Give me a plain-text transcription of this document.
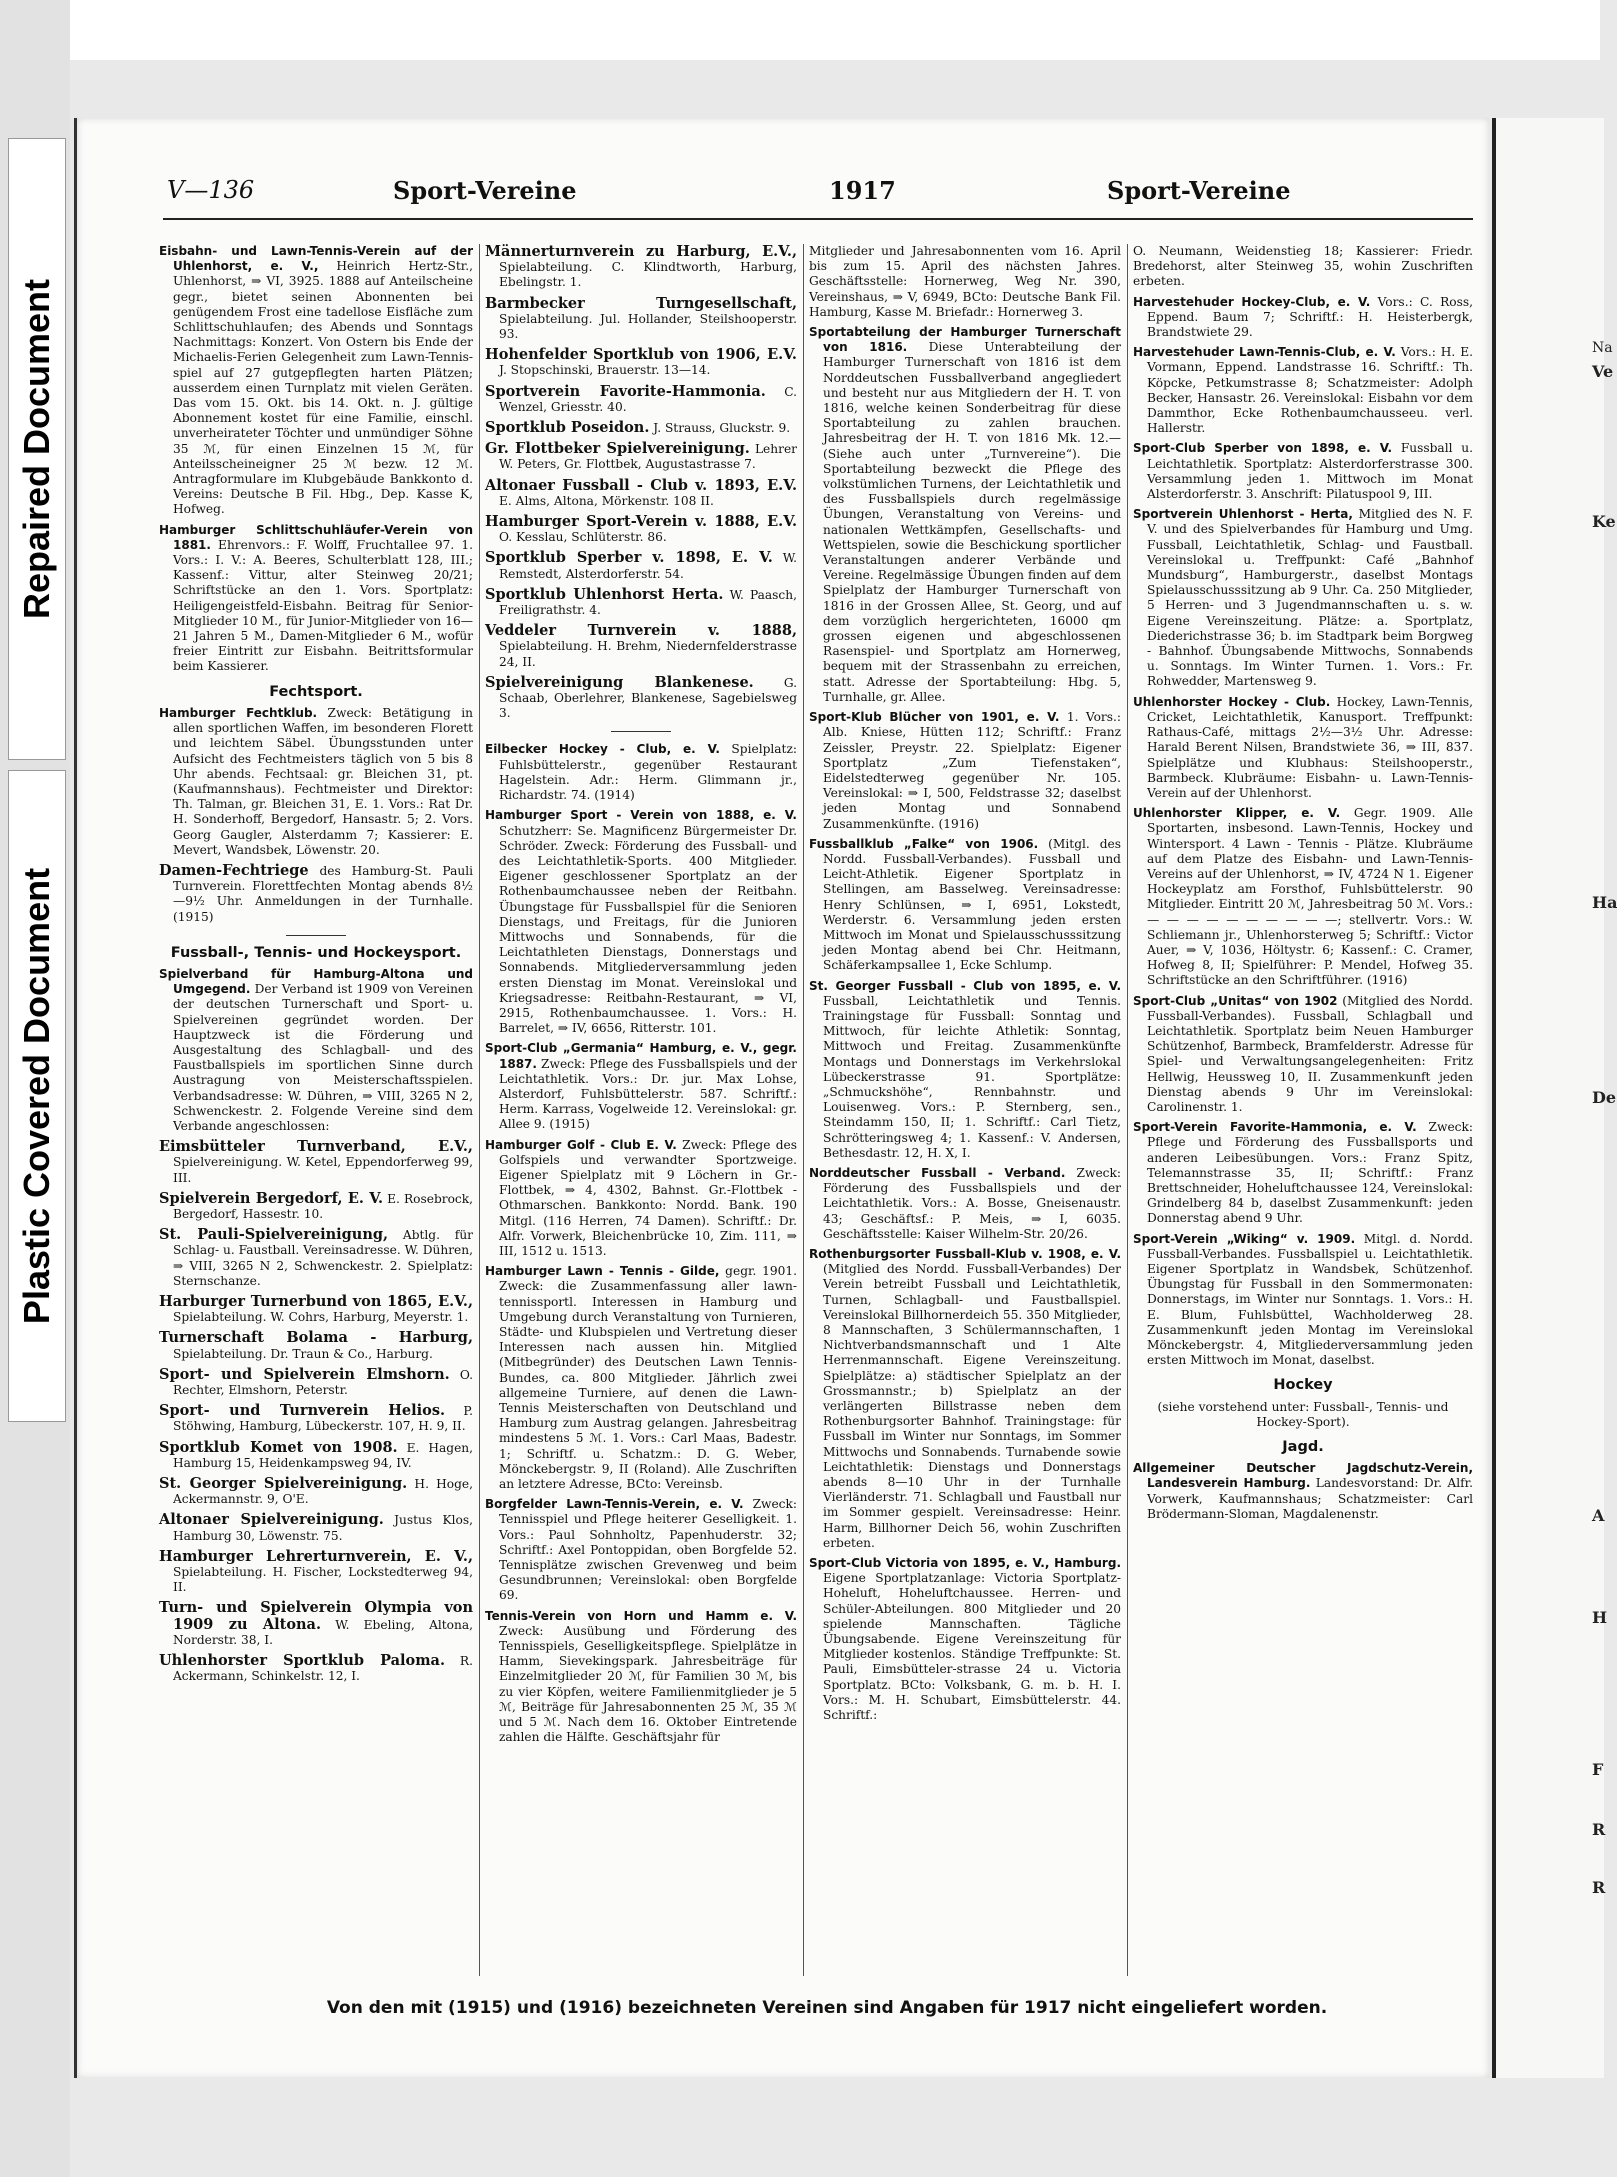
Repaired Document
Plastic Covered Document
Na
Ve
Ke
Ha
De
A
H
F
R
R
V—136	Sport-Vereine	1917	Sport-Vereine
Eisbahn- und Lawn-Tennis-Verein auf der Uhlenhorst, e. V., Heinrich Hertz-Str., Uhlenhorst, ⇒ VI, 3925. 1888 auf Anteilscheine gegr., bietet seinen Abonnenten bei genügendem Frost eine tadellose Eisfläche zum Schlittschuhlaufen; des Abends und Sonntags Nachmittags: Konzert. Von Ostern bis Ende der Michaelis-Ferien Gelegenheit zum Lawn-Tennis-spiel auf 27 gutgepflegten harten Plätzen; ausserdem einen Turnplatz mit vielen Geräten. Das vom 15. Okt. bis 14. Okt. n. J. gültige Abonnement kostet für eine Familie, einschl. unverheirateter Töchter und unmündiger Söhne 35 ℳ, für einen Einzelnen 15 ℳ, für Anteilsscheineigner 25 ℳ bezw. 12 ℳ. Antragformulare im Klubgebäude Bankkonto d. Vereins: Deutsche B Fil. Hbg., Dep. Kasse K, Hofweg.
Hamburger Schlittschuhläufer-Verein von 1881. Ehrenvors.: F. Wolff, Fruchtallee 97. 1. Vors.: I. V.: A. Beeres, Schulterblatt 128, III.; Kassenf.: Vittur, alter Steinweg 20/21; Schriftstücke an den 1. Vors. Sportplatz: Heiligengeistfeld-Eisbahn. Beitrag für Senior-Mitglieder 10 M., für Junior-Mitglieder von 16—21 Jahren 5 M., Damen-Mitglieder 6 M., wofür freier Eintritt zur Eisbahn. Beitrittsformular beim Kassierer.
Fechtsport.
Hamburger Fechtklub. Zweck: Betätigung in allen sportlichen Waffen, im besonderen Florett und leichtem Säbel. Übungsstunden unter Aufsicht des Fechtmeisters täglich von 5 bis 8 Uhr abends. Fechtsaal: gr. Bleichen 31, pt. (Kaufmannshaus). Fechtmeister und Direktor: Th. Talman, gr. Bleichen 31, E. 1. Vors.: Rat Dr. H. Sonderhoff, Bergedorf, Hansastr. 5; 2. Vors. Georg Gaugler, Alsterdamm 7; Kassierer: E. Mevert, Wandsbek, Löwenstr. 20.
Damen-Fechtriege des Hamburg-St. Pauli Turnverein. Florettfechten Montag abends 8½—9½ Uhr. Anmeldungen in der Turnhalle. (1915)
Fussball-, Tennis- und Hockeysport.
Spielverband für Hamburg-Altona und Umgegend. Der Verband ist 1909 von Vereinen der deutschen Turnerschaft und Sport- u. Spielvereinen gegründet worden. Der Hauptzweck ist die Förderung und Ausgestaltung des Schlagball- und des Faustballspiels im sportlichen Sinne durch Austragung von Meisterschaftsspielen. Verbandsadresse: W. Dühren, ⇒ VIII, 3265 N 2, Schwenckestr. 2. Folgende Vereine sind dem Verbande angeschlossen:
Eimsbütteler Turnverband, E.V., Spielvereinigung. W. Ketel, Eppendorferweg 99, III.
Spielverein Bergedorf, E. V. E. Rosebrock, Bergedorf, Hassestr. 10.
St. Pauli-Spielvereinigung, Abtlg. für Schlag- u. Faustball. Vereinsadresse. W. Dühren, ⇒ VIII, 3265 N 2, Schwenckestr. 2. Spielplatz: Sternschanze.
Harburger Turnerbund von 1865, E.V., Spielabteilung. W. Cohrs, Harburg, Meyerstr. 1.
Turnerschaft Bolama - Harburg, Spielabteilung. Dr. Traun & Co., Harburg.
Sport- und Spielverein Elmshorn. O. Rechter, Elmshorn, Peterstr.
Sport- und Turnverein Helios. P. Stöhwing, Hamburg, Lübeckerstr. 107, H. 9, II.
Sportklub Komet von 1908. E. Hagen, Hamburg 15, Heidenkampsweg 94, IV.
St. Georger Spielvereinigung. H. Hoge, Ackermannstr. 9, O'E.
Altonaer Spielvereinigung. Justus Klos, Hamburg 30, Löwenstr. 75.
Hamburger Lehrerturnverein, E. V., Spielabteilung. H. Fischer, Lockstedterweg 94, II.
Turn- und Spielverein Olympia von 1909 zu Altona. W. Ebeling, Altona, Norderstr. 38, I.
Uhlenhorster Sportklub Paloma. R. Ackermann, Schinkelstr. 12, I.
Männerturnverein zu Harburg, E.V., Spielabteilung. C. Klindtworth, Harburg, Ebelingstr. 1.
Barmbecker Turngesellschaft, Spielabteilung. Jul. Hollander, Steilshooperstr. 93.
Hohenfelder Sportklub von 1906, E.V. J. Stopschinski, Brauerstr. 13—14.
Sportverein Favorite-Hammonia. C. Wenzel, Griesstr. 40.
Sportklub Poseidon. J. Strauss, Gluckstr. 9.
Gr. Flottbeker Spielvereinigung. Lehrer W. Peters, Gr. Flottbek, Augustastrasse 7.
Altonaer Fussball - Club v. 1893, E.V. E. Alms, Altona, Mörkenstr. 108 II.
Hamburger Sport-Verein v. 1888, E.V. O. Kesslau, Schlüterstr. 86.
Sportklub Sperber v. 1898, E. V. W. Remstedt, Alsterdorferstr. 54.
Sportklub Uhlenhorst Herta. W. Paasch, Freiligrathstr. 4.
Veddeler Turnverein v. 1888, Spielabteilung. H. Brehm, Niedernfelderstrasse 24, II.
Spielvereinigung Blankenese. G. Schaab, Oberlehrer, Blankenese, Sagebielsweg 3.
Eilbecker Hockey - Club, e. V. Spielplatz: Fuhlsbüttelerstr., gegenüber Restaurant Hagelstein. Adr.: Herm. Glimmann jr., Richardstr. 74. (1914)
Hamburger Sport - Verein von 1888, e. V. Schutzherr: Se. Magnificenz Bürgermeister Dr. Schröder. Zweck: Förderung des Fussball- und des Leichtathletik-Sports. 400 Mitglieder. Eigener geschlossener Sportplatz an der Rothenbaumchaussee neben der Reitbahn. Übungstage für Fussballspiel für die Senioren Dienstags, und Freitags, für die Junioren Mittwochs und Sonnabends, für die Leichtathleten Dienstags, Donnerstags und Sonnabends. Mitgliederversammlung jeden ersten Dienstag im Monat. Vereinslokal und Kriegsadresse: Reitbahn-Restaurant, ⇒ VI, 2915, Rothenbaumchaussee. 1. Vors.: H. Barrelet, ⇒ IV, 6656, Ritterstr. 101.
Sport-Club „Germania“ Hamburg, e. V., gegr. 1887. Zweck: Pflege des Fussballspiels und der Leichtathletik. Vors.: Dr. jur. Max Lohse, Alsterdorf, Fuhlsbüttelerstr. 587. Schriftf.: Herm. Karrass, Vogelweide 12. Vereinslokal: gr. Allee 9. (1915)
Hamburger Golf - Club E. V. Zweck: Pflege des Golfspiels und verwandter Sportzweige. Eigener Spielplatz mit 9 Löchern in Gr.-Flottbek, ⇒ 4, 4302, Bahnst. Gr.-Flottbek - Othmarschen. Bankkonto: Nordd. Bank. 190 Mitgl. (116 Herren, 74 Damen). Schriftf.: Dr. Alfr. Vorwerk, Bleichenbrücke 10, Zim. 111, ⇒ III, 1512 u. 1513.
Hamburger Lawn - Tennis - Gilde, gegr. 1901. Zweck: die Zusammenfassung aller lawn-tennissportl. Interessen in Hamburg und Umgebung durch Veranstaltung von Turnieren, Städte- und Klubspielen und Vertretung dieser Interessen nach aussen hin. Mitglied (Mitbegründer) des Deutschen Lawn Tennis-Bundes, ca. 800 Mitglieder. Jährlich zwei allgemeine Turniere, auf denen die Lawn-Tennis Meisterschaften von Deutschland und Hamburg zum Austrag gelangen. Jahresbeitrag mindestens 5 ℳ. 1. Vors.: Carl Maas, Badestr. 1; Schriftf. u. Schatzm.: D. G. Weber, Mönckebergstr. 9, II (Roland). Alle Zuschriften an letztere Adresse, BCto: Vereinsb.
Borgfelder Lawn-Tennis-Verein, e. V. Zweck: Tennisspiel und Pflege heiterer Geselligkeit. 1. Vors.: Paul Sohnholtz, Papenhuderstr. 32; Schriftf.: Axel Pontoppidan, oben Borgfelde 52. Tennisplätze zwischen Grevenweg und beim Gesundbrunnen; Vereinslokal: oben Borgfelde 69.
Tennis-Verein von Horn und Hamm e. V. Zweck: Ausübung und Förderung des Tennisspiels, Geselligkeitspflege. Spielplätze in Hamm, Sievekingspark. Jahresbeiträge für Einzelmitglieder 20 ℳ, für Familien 30 ℳ, bis zu vier Köpfen, weitere Familienmitglieder je 5 ℳ, Beiträge für Jahresabonnenten 25 ℳ, 35 ℳ und 5 ℳ. Nach dem 16. Oktober Eintretende zahlen die Hälfte. Geschäftsjahr für
Mitglieder und Jahresabonnenten vom 16. April bis zum 15. April des nächsten Jahres. Geschäftsstelle: Hornerweg, Weg Nr. 390, Vereinshaus, ⇒ V, 6949, BCto: Deutsche Bank Fil. Hamburg, Kasse M. Briefadr.: Hornerweg 3.
Sportabteilung der Hamburger Turnerschaft von 1816. Diese Unterabteilung der Hamburger Turnerschaft von 1816 ist dem Norddeutschen Fussballverband angegliedert und besteht nur aus Mitgliedern der H. T. von 1816, welche keinen Sonderbeitrag für diese Sportabteilung zu zahlen brauchen. Jahresbeitrag der H. T. von 1816 Mk. 12.— (Siehe auch unter „Turnvereine“). Die Sportabteilung bezweckt die Pflege des volkstümlichen Turnens, der Leichtathletik und des Fussballspiels durch regelmässige Übungen, Veranstaltung von Vereins- und nationalen Wettkämpfen, Gesellschafts- und Wettspielen, sowie die Beschickung sportlicher Veranstaltungen anderer Verbände und Vereine. Regelmässige Übungen finden auf dem Spielplatz der Hamburger Turnerschaft von 1816 in der Grossen Allee, St. Georg, und auf dem vorzüglich hergerichteten, 16000 qm grossen eigenen und abgeschlossenen Rasenspiel- und Sportplatz am Hornerweg, bequem mit der Strassenbahn zu erreichen, statt. Adresse der Sportabteilung: Hbg. 5, Turnhalle, gr. Allee.
Sport-Klub Blücher von 1901, e. V. 1. Vors.: Alb. Kniese, Hütten 112; Schriftf.: Franz Zeissler, Preystr. 22. Spielplatz: Eigener Sportplatz „Zum Tiefenstaken“, Eidelstedterweg gegenüber Nr. 105. Vereinslokal: ⇒ I, 500, Feldstrasse 32; daselbst jeden Montag und Sonnabend Zusammenkünfte. (1916)
Fussballklub „Falke“ von 1906. (Mitgl. des Nordd. Fussball-Verbandes). Fussball und Leicht-Athletik. Eigener Sportplatz in Stellingen, am Basselweg. Vereinsadresse: Henry Schlünsen, ⇒ I, 6951, Lokstedt, Werderstr. 6. Versammlung jeden ersten Mittwoch im Monat und Spielausschusssitzung jeden Montag abend bei Chr. Heitmann, Schäferkampsallee 1, Ecke Schlump.
St. Georger Fussball - Club von 1895, e. V. Fussball, Leichtathletik und Tennis. Trainingstage für Fussball: Sonntag und Mittwoch, für leichte Athletik: Sonntag, Mittwoch und Freitag. Zusammenkünfte Montags und Donnerstags im Verkehrslokal Lübeckerstrasse 91. Sportplätze: „Schmuckshöhe“, Rennbahnstr. und Louisenweg. Vors.: P. Sternberg, sen., Steindamm 150, II; 1. Schriftf.: Carl Tietz, Schrötteringsweg 4; 1. Kassenf.: V. Andersen, Bethesdastr. 12, H. X, I.
Norddeutscher Fussball - Verband. Zweck: Förderung des Fussballspiels und der Leichtathletik. Vors.: A. Bosse, Gneisenaustr. 43; Geschäftsf.: P. Meis, ⇒ I, 6035. Geschäftsstelle: Kaiser Wilhelm-Str. 20/26.
Rothenburgsorter Fussball-Klub v. 1908, e. V. (Mitglied des Nordd. Fussball-Verbandes) Der Verein betreibt Fussball und Leichtathletik, Turnen, Schlagball- und Faustballspiel. Vereinslokal Billhornerdeich 55. 350 Mitglieder, 8 Mannschaften, 3 Schülermannschaften, 1 Nichtverbandsmannschaft und 1 Alte Herrenmannschaft. Eigene Vereinszeitung. Spielplätze: a) städtischer Spielplatz an der Grossmannstr.; b) Spielplatz an der verlängerten Billstrasse neben dem Rothenburgsorter Bahnhof. Trainingstage: für Fussball im Winter nur Sonntags, im Sommer Mittwochs und Sonnabends. Turnabende sowie Leichtathletik: Dienstags und Donnerstags abends 8—10 Uhr in der Turnhalle Vierländerstr. 71. Schlagball und Faustball nur im Sommer gespielt. Vereinsadresse: Heinr. Harm, Billhorner Deich 56, wohin Zuschriften erbeten.
Sport-Club Victoria von 1895, e. V., Hamburg. Eigene Sportplatzanlage: Victoria Sportplatz-Hoheluft, Hoheluftchaussee. Herren- und Schüler-Abteilungen. 800 Mitglieder und 20 spielende Mannschaften. Tägliche Übungsabende. Eigene Vereinszeitung für Mitglieder kostenlos. Ständige Treffpunkte: St. Pauli, Eimsbütteler-strasse 24 u. Victoria Sportplatz. BCto: Volksbank, G. m. b. H. I. Vors.: M. H. Schubart, Eimsbüttelerstr. 44. Schriftf.:
O. Neumann, Weidenstieg 18; Kassierer: Friedr. Bredehorst, alter Steinweg 35, wohin Zuschriften erbeten.
Harvestehuder Hockey-Club, e. V. Vors.: C. Ross, Eppend. Baum 7; Schriftf.: H. Heisterbergk, Brandstwiete 29.
Harvestehuder Lawn-Tennis-Club, e. V. Vors.: H. E. Vormann, Eppend. Landstrasse 16. Schriftf.: Th. Köpcke, Petkumstrasse 8; Schatzmeister: Adolph Becker, Hansastr. 26. Vereinslokal: Eisbahn vor dem Dammthor, Ecke Rothenbaumchausseeu. verl. Hallerstr.
Sport-Club Sperber von 1898, e. V. Fussball u. Leichtathletik. Sportplatz: Alsterdorferstrasse 300. Versammlung jeden 1. Mittwoch im Monat Alsterdorferstr. 3. Anschrift: Pilatuspool 9, III.
Sportverein Uhlenhorst - Herta, Mitglied des N. F. V. und des Spielverbandes für Hamburg und Umg. Fussball, Leichtathletik, Schlag- und Faustball. Vereinslokal u. Treffpunkt: Café „Bahnhof Mundsburg“, Hamburgerstr., daselbst Montags Spielausschusssitzung ab 9 Uhr. Ca. 250 Mitglieder, 5 Herren- und 3 Jugendmannschaften u. s. w. Eigene Vereinszeitung. Plätze: a. Sportplatz, Diederichstrasse 36; b. im Stadtpark beim Borgweg - Bahnhof. Übungsabende Mittwochs, Sonnabends u. Sonntags. Im Winter Turnen. 1. Vors.: Fr. Rohwedder, Martensweg 9.
Uhlenhorster Hockey - Club. Hockey, Lawn-Tennis, Cricket, Leichtathletik, Kanusport. Treffpunkt: Rathaus-Café, mittags 2½—3½ Uhr. Adresse: Harald Berent Nilsen, Brandstwiete 36, ⇒ III, 837. Spielplätze und Klubhaus: Steilshooperstr., Barmbeck. Klubräume: Eisbahn- u. Lawn-Tennis-Verein auf der Uhlenhorst.
Uhlenhorster Klipper, e. V. Gegr. 1909. Alle Sportarten, insbesond. Lawn-Tennis, Hockey und Wintersport. 4 Lawn - Tennis - Plätze. Klubräume auf dem Platze des Eisbahn- und Lawn-Tennis-Vereins auf der Uhlenhorst, ⇒ IV, 4724 N 1. Eigener Hockeyplatz am Forsthof, Fuhlsbüttelerstr. 90 Mitglieder. Eintritt 20 ℳ, Jahresbeitrag 50 ℳ. Vors.: — — — — — — — — — —; stellvertr. Vors.: W. Schliemann jr., Uhlenhorsterweg 5; Schriftf.: Victor Auer, ⇒ V, 1036, Höltystr. 6; Kassenf.: C. Cramer, Hofweg 8, II; Spielführer: P. Mendel, Hofweg 35. Schriftstücke an den Schriftführer. (1916)
Sport-Club „Unitas“ von 1902 (Mitglied des Nordd. Fussball-Verbandes). Fussball, Schlagball und Leichtathletik. Sportplatz beim Neuen Hamburger Schützenhof, Barmbeck, Bramfelderstr. Adresse für Spiel- und Verwaltungsangelegenheiten: Fritz Hellwig, Heussweg 10, II. Zusammenkunft jeden Dienstag abends 9 Uhr im Vereinslokal: Carolinenstr. 1.
Sport-Verein Favorite-Hammonia, e. V. Zweck: Pflege und Förderung des Fussballsports und anderen Leibesübungen. Vors.: Franz Spitz, Telemannstrasse 35, II; Schriftf.: Franz Brettschneider, Hoheluftchaussee 124, Vereinslokal: Grindelberg 84 b, daselbst Zusammenkunft: jeden Donnerstag abend 9 Uhr.
Sport-Verein „Wiking“ v. 1909. Mitgl. d. Nordd. Fussball-Verbandes. Fussballspiel u. Leichtathletik. Eigener Sportplatz in Wandsbek, Schützenhof. Übungstag für Fussball in den Sommermonaten: Donnerstags, im Winter nur Sonntags. 1. Vors.: H. E. Blum, Fuhlsbüttel, Wachholderweg 28. Zusammenkunft jeden Montag im Vereinslokal Mönckebergstr. 4, Mitgliederversammlung jeden ersten Mittwoch im Monat, daselbst.
Hockey
(siehe vorstehend unter: Fussball-, Tennis- und Hockey-Sport).
Jagd.
Allgemeiner Deutscher Jagdschutz-Verein, Landesverein Hamburg. Landesvorstand: Dr. Alfr. Vorwerk, Kaufmannshaus; Schatzmeister: Carl Brödermann-Sloman, Magdalenenstr.
Von den mit (1915) und (1916) bezeichneten Vereinen sind Angaben für 1917 nicht eingeliefert worden.
